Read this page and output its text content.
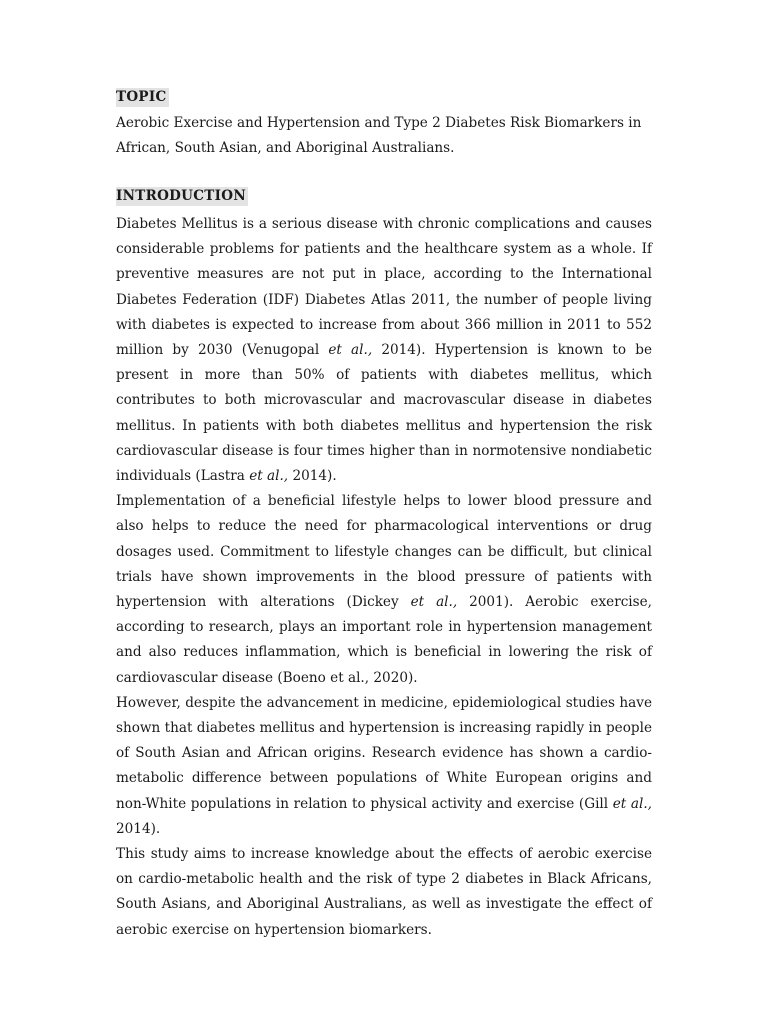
TOPIC
Aerobic Exercise and Hypertension and Type 2 Diabetes Risk Biomarkers in African, South Asian, and Aboriginal Australians.
INTRODUCTION

Diabetes Mellitus is a serious disease with chronic complications and causes considerable problems for patients and the healthcare system as a whole. If preventive measures are not put in place, according to the International Diabetes Federation (IDF) Diabetes Atlas 2011, the number of people living with diabetes is expected to increase from about 366 million in 2011 to 552 million by 2030 (Venugopal et al., 2014). Hypertension is known to be present in more than 50% of patients with diabetes mellitus, which contributes to both microvascular and macrovascular disease in diabetes mellitus. In patients with both diabetes mellitus and hypertension the risk cardiovascular disease is four times higher than in normotensive nondiabetic individuals (Lastra et al., 2014).

Implementation of a beneficial lifestyle helps to lower blood pressure and also helps to reduce the need for pharmacological interventions or drug dosages used. Commitment to lifestyle changes can be difficult, but clinical trials have shown improvements in the blood pressure of patients with hypertension with alterations (Dickey et al., 2001). Aerobic exercise, according to research, plays an important role in hypertension management and also reduces inflammation, which is beneficial in lowering the risk of cardiovascular disease (Boeno et al., 2020).

However, despite the advancement in medicine, epidemiological studies have shown that diabetes mellitus and hypertension is increasing rapidly in people of South Asian and African origins. Research evidence has shown a cardio-metabolic difference between populations of White European origins and non-White populations in relation to physical activity and exercise (Gill et al., 2014).

This study aims to increase knowledge about the effects of aerobic exercise on cardio-metabolic health and the risk of type 2 diabetes in Black Africans, South Asians, and Aboriginal Australians, as well as investigate the effect of aerobic exercise on hypertension biomarkers.
